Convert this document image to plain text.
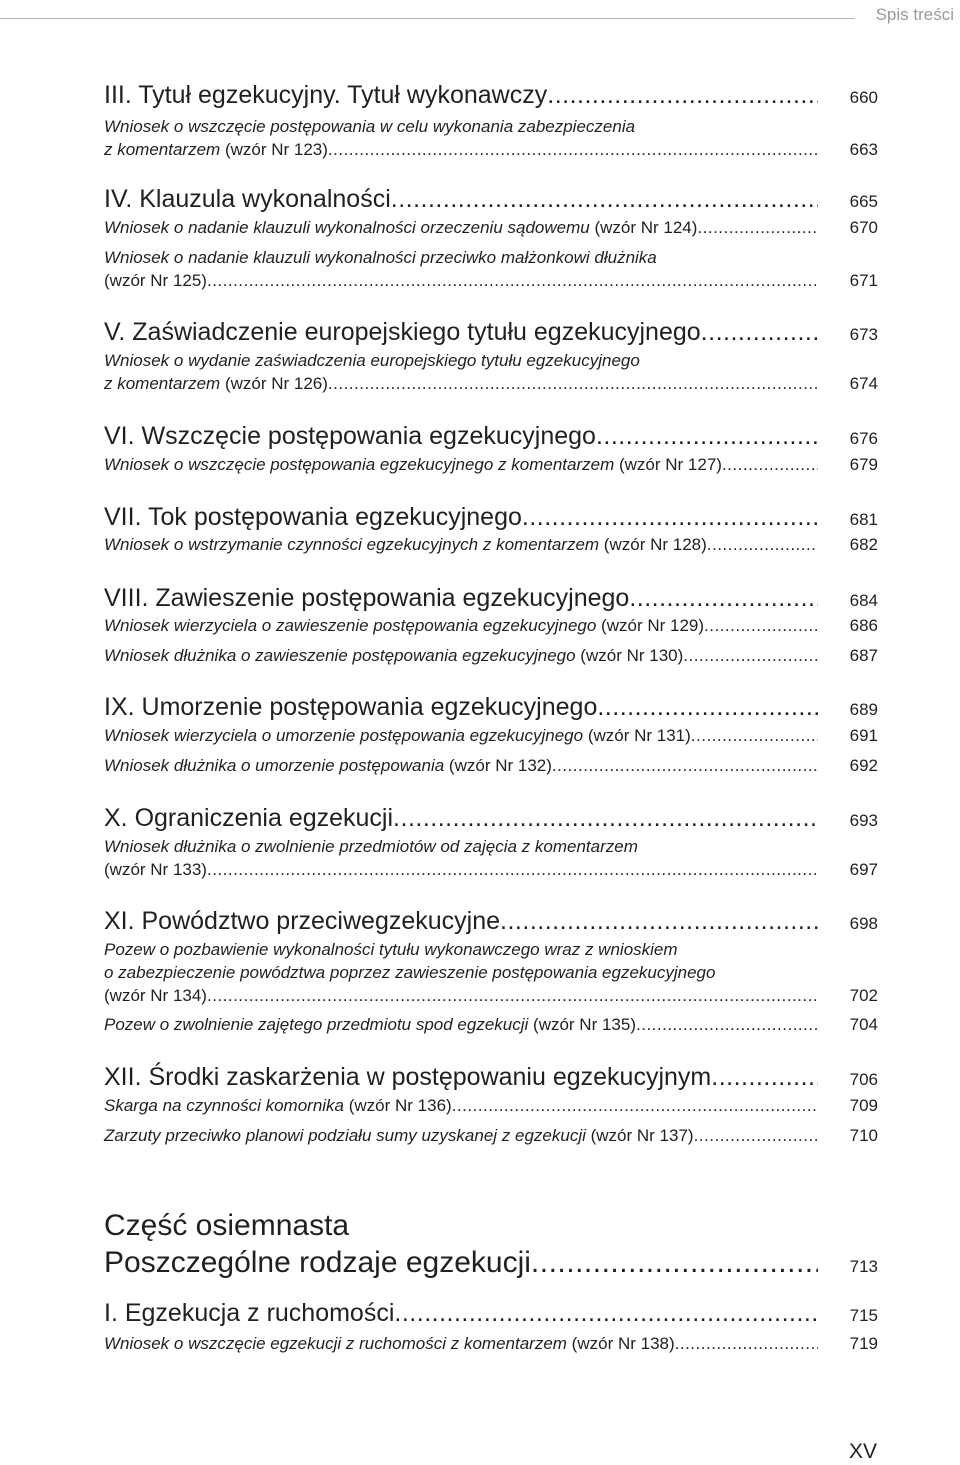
Spis treści
III. Tytuł egzekucyjny. Tytuł wykonawczy .....	660
Wniosek o wszczęcie postępowania w celu wykonania zabezpieczenia
z komentarzem (wzór Nr 123) .....	663
IV. Klauzula wykonalności .....	665
Wniosek o nadanie klauzuli wykonalności orzeczeniu sądowemu (wzór Nr 124) .....	670
Wniosek o nadanie klauzuli wykonalności przeciwko małżonkowi dłużnika
(wzór Nr 125) .....	671
V. Zaświadczenie europejskiego tytułu egzekucyjnego .....	673
Wniosek o wydanie zaświadczenia europejskiego tytułu egzekucyjnego
z komentarzem (wzór Nr 126) .....	674
VI. Wszczęcie postępowania egzekucyjnego .....	676
Wniosek o wszczęcie postępowania egzekucyjnego z komentarzem (wzór Nr 127) .....	679
VII. Tok postępowania egzekucyjnego .....	681
Wniosek o wstrzymanie czynności egzekucyjnych z komentarzem (wzór Nr 128) .....	682
VIII. Zawieszenie postępowania egzekucyjnego .....	684
Wniosek wierzyciela o zawieszenie postępowania egzekucyjnego (wzór Nr 129) .....	686
Wniosek dłużnika o zawieszenie postępowania egzekucyjnego (wzór Nr 130) .....	687
IX. Umorzenie postępowania egzekucyjnego .....	689
Wniosek wierzyciela o umorzenie postępowania egzekucyjnego (wzór Nr 131) .....	691
Wniosek dłużnika o umorzenie postępowania (wzór Nr 132) .....	692
X. Ograniczenia egzekucji .....	693
Wniosek dłużnika o zwolnienie przedmiotów od zajęcia z komentarzem
(wzór Nr 133) .....	697
XI. Powództwo przeciwegzekucyjne .....	698
Pozew o pozbawienie wykonalności tytułu wykonawczego wraz z wnioskiem
o zabezpieczenie powództwa poprzez zawieszenie postępowania egzekucyjnego
(wzór Nr 134) .....	702
Pozew o zwolnienie zajętego przedmiotu spod egzekucji (wzór Nr 135) .....	704
XII. Środki zaskarżenia w postępowaniu egzekucyjnym .....	706
Skarga na czynności komornika (wzór Nr 136) .....	709
Zarzuty przeciwko planowi podziału sumy uzyskanej z egzekucji (wzór Nr 137) .....	710
Część osiemnasta
Poszczególne rodzaje egzekucji .....	713
I. Egzekucja z ruchomości .....	715
Wniosek o wszczęcie egzekucji z ruchomości z komentarzem (wzór Nr 138) .....	719
XV
